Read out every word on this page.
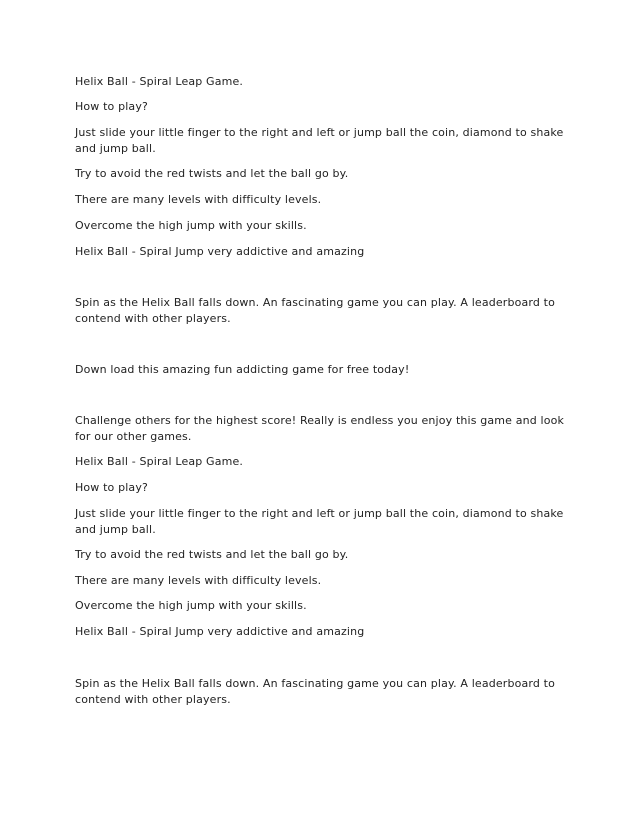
Helix Ball - Spiral Leap Game.

How to play?

Just slide your little finger to the right and left or jump ball the coin, diamond to shake and jump ball.

Try to avoid the red twists and let the ball go by.

There are many levels with difficulty levels.

Overcome the high jump with your skills.

Helix Ball - Spiral Jump very addictive and amazing

Spin as the Helix Ball falls down. An fascinating game you can play. A leaderboard to contend with other players.

Down load this amazing fun addicting game for free today!

Challenge others for the highest score! Really is endless you enjoy this game and look for our other games.

Helix Ball - Spiral Leap Game.

How to play?

Just slide your little finger to the right and left or jump ball the coin, diamond to shake and jump ball.

Try to avoid the red twists and let the ball go by.

There are many levels with difficulty levels.

Overcome the high jump with your skills.

Helix Ball - Spiral Jump very addictive and amazing

Spin as the Helix Ball falls down. An fascinating game you can play. A leaderboard to contend with other players.
